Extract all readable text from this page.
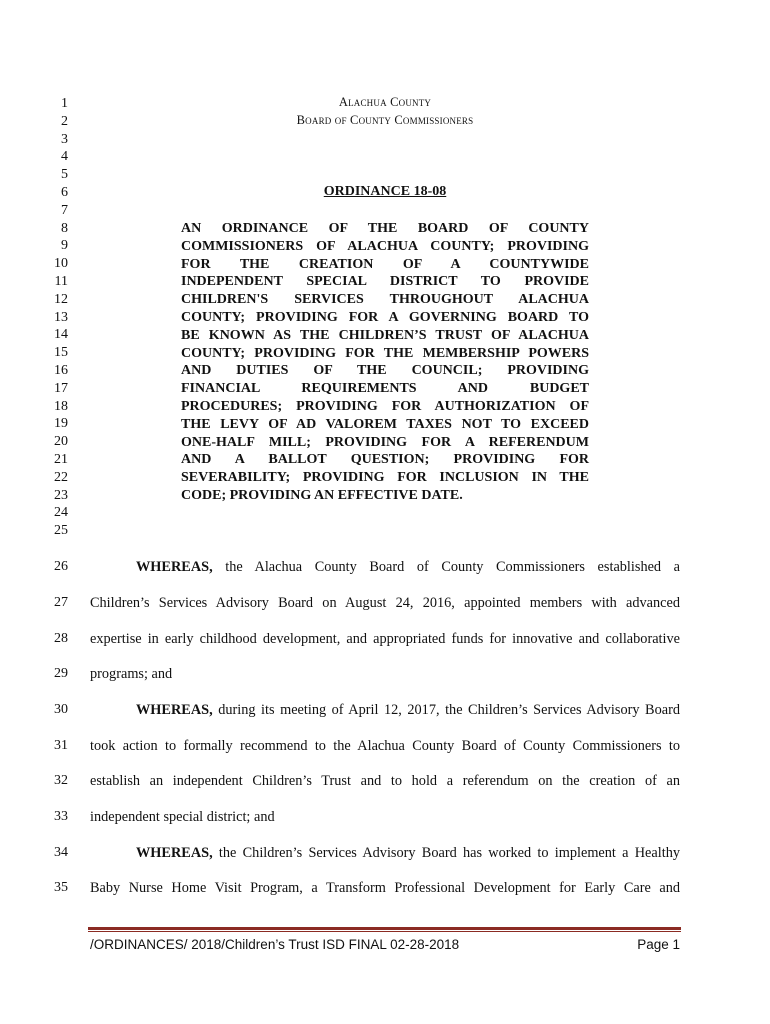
1
2
3
4
5
6
7
8
9
10
11
12
13
14
15
16
17
18
19
20
21
22
23
24
25
26
27
28
29
30
31
32
33
34
35
Alachua County
Board of County Commissioners
ORDINANCE 18-08
AN ORDINANCE OF THE BOARD OF COUNTY
COMMISSIONERS OF ALACHUA COUNTY; PROVIDING
FOR THE CREATION OF A COUNTYWIDE
INDEPENDENT SPECIAL DISTRICT TO PROVIDE
CHILDREN'S SERVICES THROUGHOUT ALACHUA
COUNTY; PROVIDING FOR A GOVERNING BOARD TO
BE KNOWN AS THE CHILDREN’S TRUST OF ALACHUA
COUNTY; PROVIDING FOR THE MEMBERSHIP POWERS
AND DUTIES OF THE COUNCIL; PROVIDING
FINANCIAL REQUIREMENTS AND BUDGET
PROCEDURES; PROVIDING FOR AUTHORIZATION OF
THE LEVY OF AD VALOREM TAXES NOT TO EXCEED
ONE-HALF MILL; PROVIDING FOR A REFERENDUM
AND A BALLOT QUESTION; PROVIDING FOR
SEVERABILITY; PROVIDING FOR INCLUSION IN THE
CODE; PROVIDING AN EFFECTIVE DATE.
WHEREAS, the Alachua County Board of County Commissioners established a
Children’s Services Advisory Board on August 24, 2016, appointed members with advanced
expertise in early childhood development, and appropriated funds for innovative and collaborative
programs; and
WHEREAS, during its meeting of April 12, 2017, the Children’s Services Advisory Board
took action to formally recommend to the Alachua County Board of County Commissioners to
establish an independent Children’s Trust and to hold a referendum on the creation of an
independent special district; and
WHEREAS, the Children’s Services Advisory Board has worked to implement a Healthy
Baby Nurse Home Visit Program, a Transform Professional Development for Early Care and
/ORDINANCES/ 2018/Children’s Trust ISD FINAL 02-28-2018	Page 1
